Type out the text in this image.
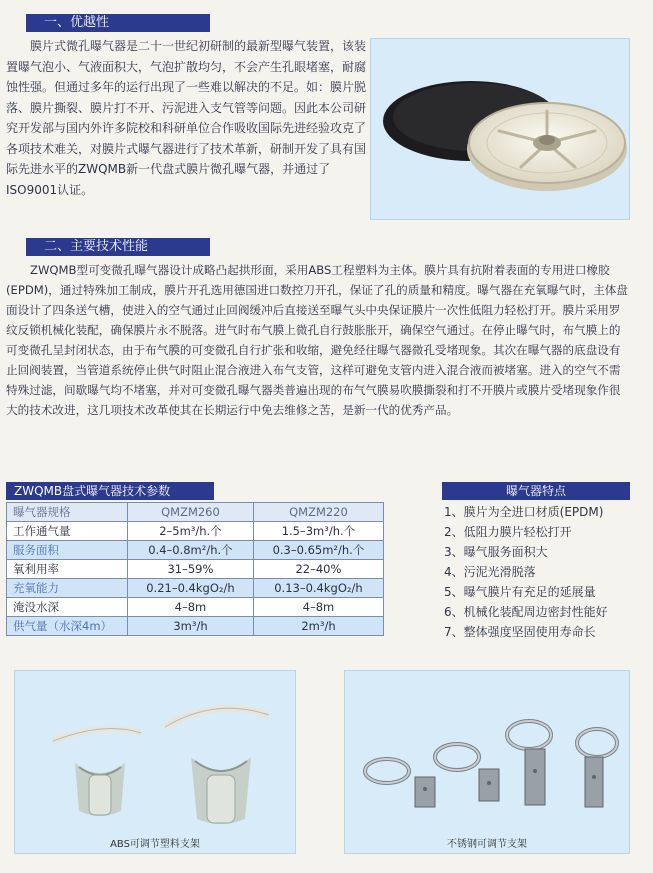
一、优越性
膜片式微孔曝气器是二十一世纪初研制的最新型曝气装置，该装置曝气泡小、气液面积大，气泡扩散均匀，不会产生孔眼堵塞，耐腐蚀性强。但通过多年的运行出现了一些难以解决的不足。如：膜片脱落、膜片撕裂、膜片打不开、污泥进入支气管等问题。因此本公司研究开发部与国内外许多院校和科研单位合作吸收国际先进经验攻克了各项技术难关，对膜片式曝气器进行了技术革新，研制开发了具有国际先进水平的ZWQMB新一代盘式膜片微孔曝气器，并通过了ISO9001认证。
二、主要技术性能
ZWQMB型可变微孔曝气器设计成略凸起拱形面，采用ABS工程塑料为主体。膜片具有抗附着表面的专用进口橡胶(EPDM)，通过特殊加工制成，膜片开孔选用德国进口数控刀开孔，保证了孔的质量和精度。曝气器在充氧曝气时，主体盘面设计了四条送气槽，使进入的空气通过止回阀缓冲后直接送至曝气头中央保证膜片一次性低阻力轻松打开。膜片采用罗纹反锁机械化装配，确保膜片永不脱落。进气时布气膜上微孔自行鼓胀胀开，确保空气通过。在停止曝气时，布气膜上的可变微孔呈封闭状态，由于布气膜的可变微孔自行扩张和收缩，避免经往曝气器微孔受堵现象。其次在曝气器的底盘设有止回阀装置，当管道系统停止供气时阻止混合液进入布气支管，这样可避免支管内进入混合液而被堵塞。进入的空气不需特殊过滤，间歇曝气均不堵塞，并对可变微孔曝气器类普遍出现的布气气膜易吹膜撕裂和打不开膜片或膜片受堵现象作很大的技术改进，这几项技术改革使其在长期运行中免去维修之苦，是新一代的优秀产品。
ZWQMB盘式曝气器技术参数
曝气器规格	QMZM260	QMZM220
工作通气量	2–5m³/h.个	1.5–3m³/h.个
服务面积	0.4–0.8m²/h.个	0.3–0.65m²/h.个
氧利用率	31–59%	22–40%
充氧能力	0.21–0.4kgO₂/h	0.13–0.4kgO₂/h
淹没水深	4–8m	4–8m
供气量（水深4m）	3m³/h	2m³/h
曝气器特点
1、膜片为全进口材质(EPDM)
2、低阻力膜片轻松打开
3、曝气服务面积大
4、污泥光滑脱落
5、曝气膜片有充足的延展量
6、机械化装配周边密封性能好
7、整体强度坚固使用寿命长
ABS可调节塑料支架	不锈钢可调节支架
